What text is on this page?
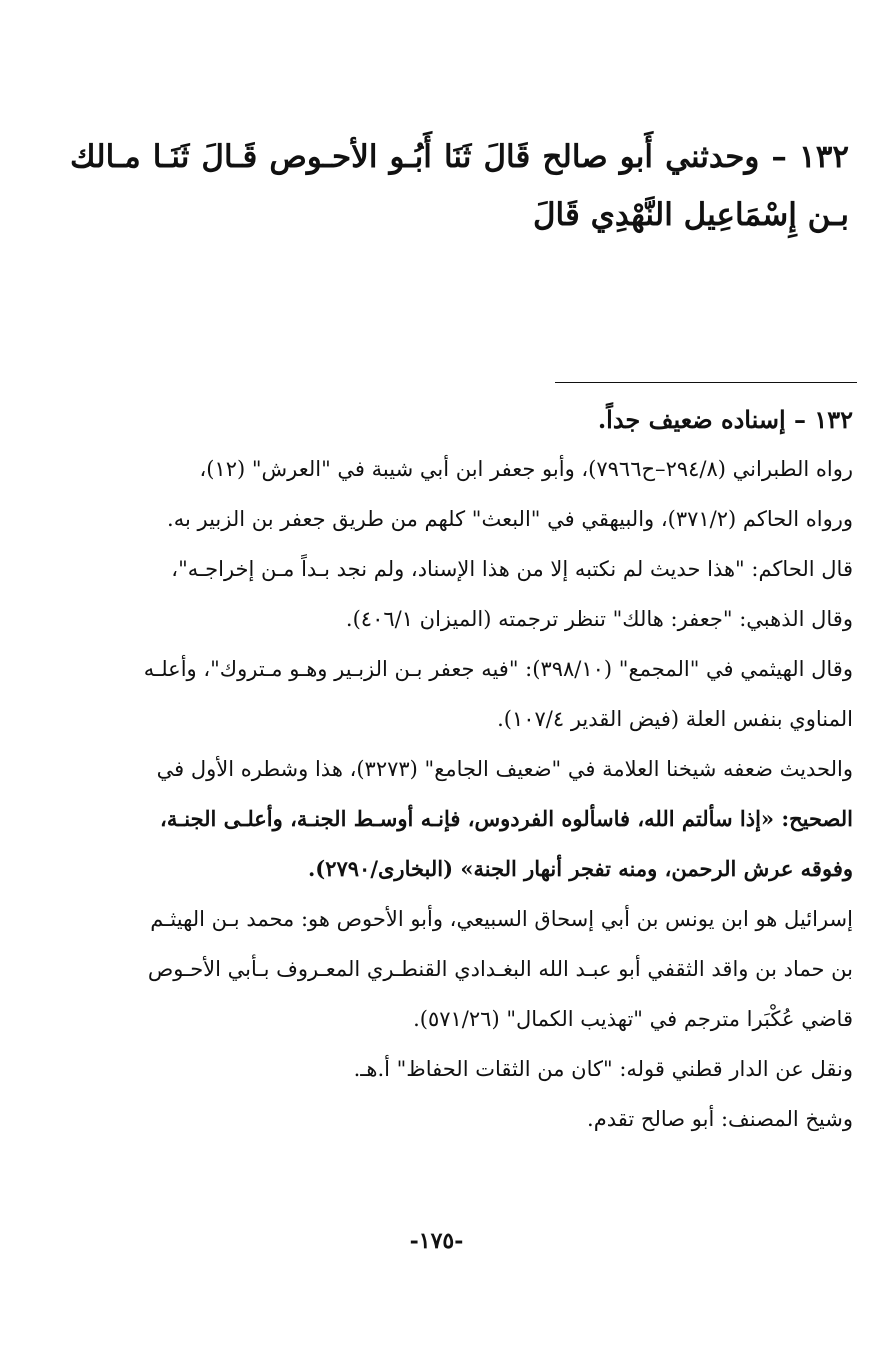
١٣٢ – وحدثني أَبو صالح قَالَ ثَنَا أَبُـو الأحـوص قَـالَ ثَنَـا مـالك بـن إِسْمَاعِيل النَّهْدِي قَالَ
١٣٢ – إسناده ضعيف جداً.
رواه الطبراني (٢٩٤/٨–ح٧٩٦٦)، وأبو جعفر ابن أبي شيبة في "العرش" (١٢)،
ورواه الحاكم (٣٧١/٢)، والبيهقي في "البعث" كلهم من طريق جعفر بن الزبير به.
قال الحاكم: "هذا حديث لم نكتبه إلا من هذا الإسناد، ولم نجد بـداً مـن إخراجـه"،
وقال الذهبي: "جعفر: هالك" تنظر ترجمته (الميزان ٤٠٦/١).
وقال الهيثمي في "المجمع" (٣٩٨/١٠): "فيه جعفر بـن الزبـير وهـو مـتروك"، وأعلـه
المناوي بنفس العلة (فيض القدير ١٠٧/٤).
والحديث ضعفه شيخنا العلامة في "ضعيف الجامع" (٣٢٧٣)، هذا وشطره الأول في
الصحيح: «إذا سألتم الله، فاسألوه الفردوس، فإنـه أوسـط الجنـة، وأعلـى الجنـة،
وفوقه عرش الرحمن، ومنه تفجر أنهار الجنة» (البخارى/٢٧٩٠).
إسرائيل هو ابن يونس بن أبي إسحاق السبيعي، وأبو الأحوص هو: محمد بـن الهيثـم
بن حماد بن واقد الثقفي أبو عبـد الله البغـدادي القنطـري المعـروف بـأبي الأحـوص
قاضي عُكْبَرا مترجم في "تهذيب الكمال" (٥٧١/٢٦).
ونقل عن الدار قطني قوله: "كان من الثقات الحفاظ" أ.هـ.
وشيخ المصنف: أبو صالح تقدم.
-١٧٥-
